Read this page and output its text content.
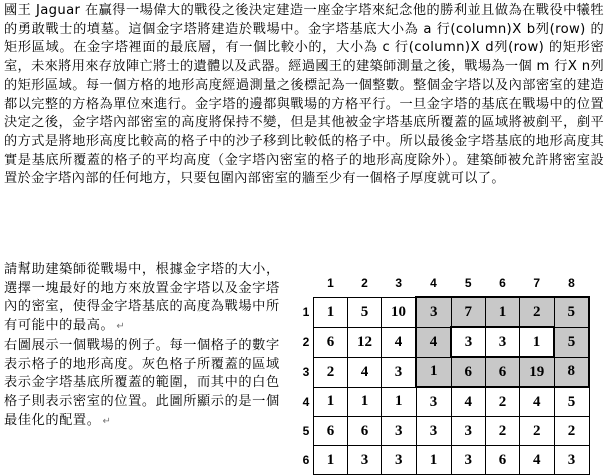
國王 Jaguar 在贏得一場偉大的戰役之後決定建造一座金字塔來紀念他的勝利並且做為在戰役中犧牲的勇敢戰士的墳墓。這個金字塔將建造於戰場中。金字塔基底大小為 a 行(column)Ⅹ b列(row) 的矩形區域。在金字塔裡面的最底層，有一個比較小的，大小為 c 行(column)Ⅹ d列(row) 的矩形密室，未來將用來存放陣亡將士的遺體以及武器。經過國王的建築師測量之後，戰場為一個 m 行Ⅹ n列的矩形區域。每一個方格的地形高度經過測量之後標記為一個整數。整個金字塔以及內部密室的建造都以完整的方格為單位來進行。金字塔的邊都與戰場的方格平行。一旦金字塔的基底在戰場中的位置決定之後，金字塔內部密室的高度將保持不變，但是其他被金字塔基底所覆蓋的區域將被剷平，剷平的方式是將地形高度比較高的格子中的沙子移到比較低的格子中。所以最後金字塔基底的地形高度其實是基底所覆蓋的格子的平均高度（金字塔內密室的格子的地形高度除外）。建築師被允許將密室設置於金字塔內部的任何地方，只要包圍內部密室的牆至少有一個格子厚度就可以了。
請幫助建築師從戰場中，根據金字塔的大小，選擇一塊最好的地方來放置金字塔以及金字塔內的密室，使得金字塔基底的高度為戰場中所有可能中的最高。 ↵
右圖展示一個戰場的例子。每一個格子的數字表示格子的地形高度。灰色格子所覆蓋的區域表示金字塔基底所覆蓋的範圍，而其中的白色格子則表示密室的位置。此圖所顯示的是一個最佳化的配置。 ↵
	1	2	3	4	5	6	7	8
1	1	5	10	3	7	1	2	5
2	6	12	4	4	3	3	1	5
3	2	4	3	1	6	6	19	8
4	1	1	1	3	4	2	4	5
5	6	6	3	3	3	2	2	2
6	1	3	3	1	3	6	4	3
